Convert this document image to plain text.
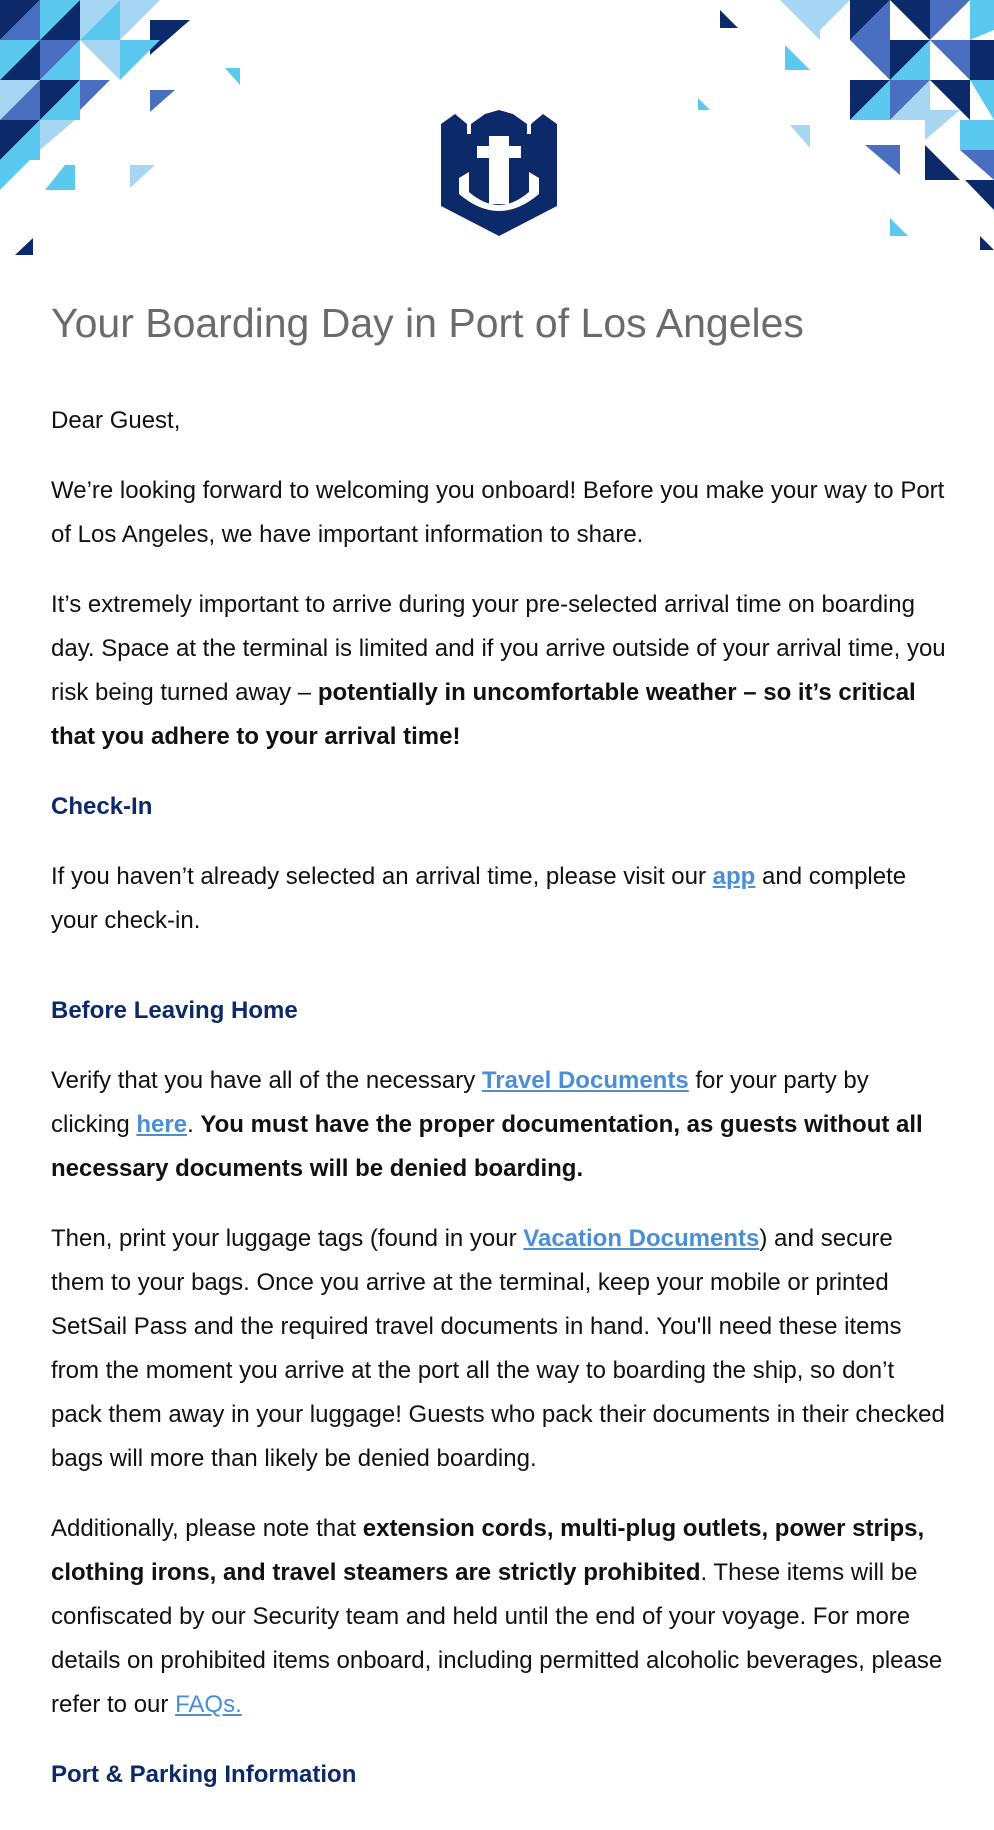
Your Boarding Day in Port of Los Angeles

Dear Guest,

We’re looking forward to welcoming you onboard! Before you make your way to Port of Los Angeles, we have important information to share.

It’s extremely important to arrive during your pre-selected arrival time on boarding day. Space at the terminal is limited and if you arrive outside of your arrival time, you risk being turned away – potentially in uncomfortable weather – so it’s critical that you adhere to your arrival time!

Check-In

If you haven’t already selected an arrival time, please visit our app and complete your check-in.

Before Leaving Home

Verify that you have all of the necessary Travel Documents for your party by clicking here. You must have the proper documentation, as guests without all necessary documents will be denied boarding.

Then, print your luggage tags (found in your Vacation Documents) and secure them to your bags. Once you arrive at the terminal, keep your mobile or printed SetSail Pass and the required travel documents in hand. You'll need these items from the moment you arrive at the port all the way to boarding the ship, so don’t pack them away in your luggage! Guests who pack their documents in their checked bags will more than likely be denied boarding.

Additionally, please note that extension cords, multi-plug outlets, power strips, clothing irons, and travel steamers are strictly prohibited. These items will be confiscated by our Security team and held until the end of your voyage. For more details on prohibited items onboard, including permitted alcoholic beverages, please refer to our FAQs.

Port & Parking Information
